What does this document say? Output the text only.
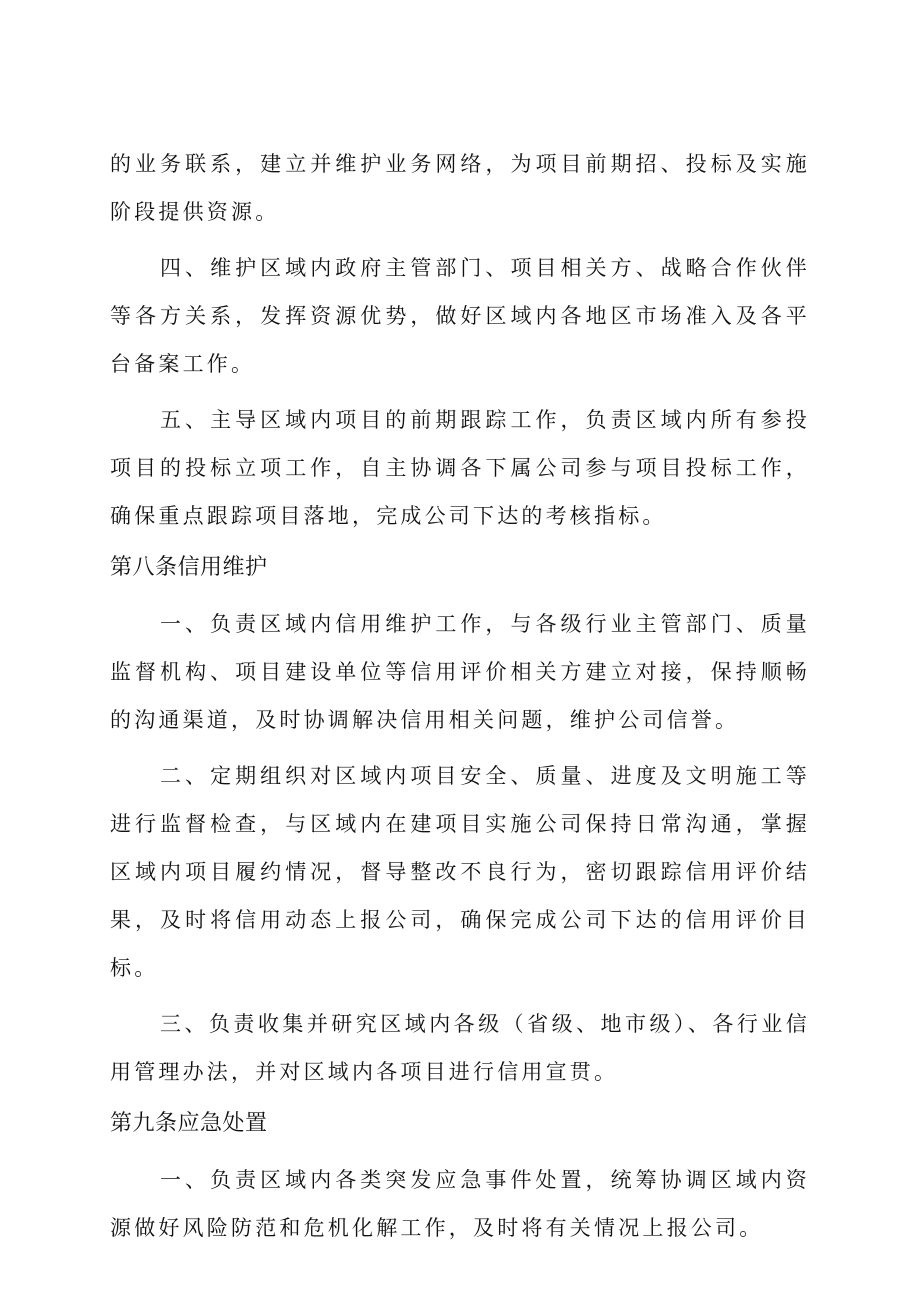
的业务联系，建立并维护业务网络，为项目前期招、投标及实施阶段提供资源。

四、维护区域内政府主管部门、项目相关方、战略合作伙伴等各方关系，发挥资源优势，做好区域内各地区市场准入及各平台备案工作。

五、主导区域内项目的前期跟踪工作，负责区域内所有参投项目的投标立项工作，自主协调各下属公司参与项目投标工作，确保重点跟踪项目落地，完成公司下达的考核指标。

第八条信用维护

一、负责区域内信用维护工作，与各级行业主管部门、质量监督机构、项目建设单位等信用评价相关方建立对接，保持顺畅的沟通渠道，及时协调解决信用相关问题，维护公司信誉。

二、定期组织对区域内项目安全、质量、进度及文明施工等进行监督检查，与区域内在建项目实施公司保持日常沟通，掌握区域内项目履约情况，督导整改不良行为，密切跟踪信用评价结果，及时将信用动态上报公司，确保完成公司下达的信用评价目标。

三、负责收集并研究区域内各级（省级、地市级）、各行业信用管理办法，并对区域内各项目进行信用宣贯。

第九条应急处置

一、负责区域内各类突发应急事件处置，统筹协调区域内资源做好风险防范和危机化解工作，及时将有关情况上报公司。
